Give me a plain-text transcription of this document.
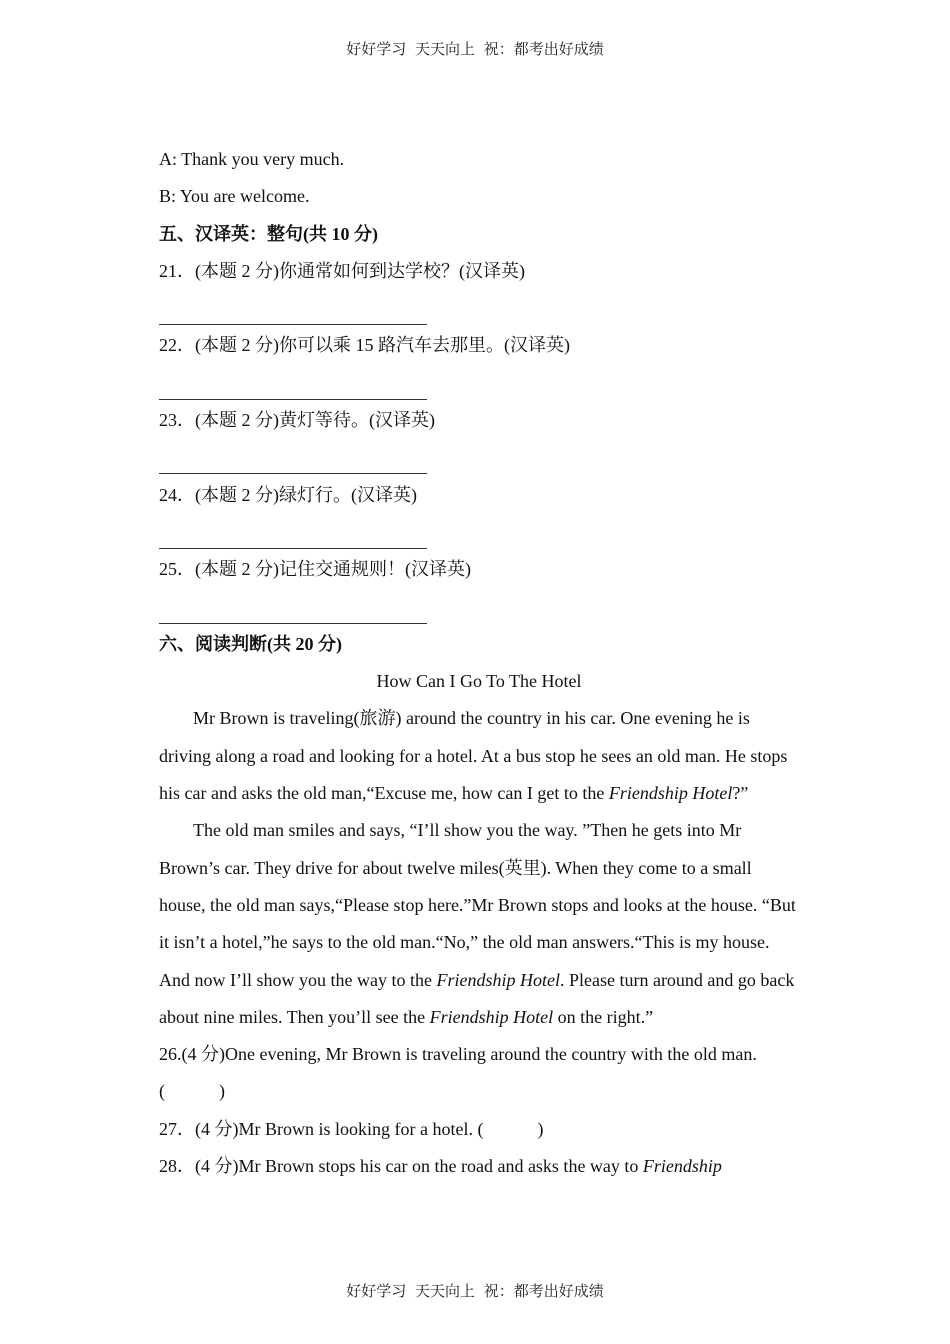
好好学习 天天向上 祝：都考出好成绩
A: Thank you very much.
B: You are welcome.
五、汉译英：整句(共 10 分)
21．(本题 2 分)你通常如何到达学校？(汉译英)
22．(本题 2 分)你可以乘 15 路汽车去那里。(汉译英)
23．(本题 2 分)黄灯等待。(汉译英)
24．(本题 2 分)绿灯行。(汉译英)
25．(本题 2 分)记住交通规则！(汉译英)
六、阅读判断(共 20 分)
How Can I Go To The Hotel
Mr Brown is traveling(旅游) around the country in his car. One evening he is driving along a road and looking for a hotel. At a bus stop he sees an old man. He stops his car and asks the old man,“Excuse me, how can I get to the Friendship Hotel?”
The old man smiles and says, “I’ll show you the way. ”Then he gets into Mr Brown’s car. They drive for about twelve miles(英里). When they come to a small house, the old man says,“Please stop here.”Mr Brown stops and looks at the house. “But it isn’t a hotel,”he says to the old man.“No,” the old man answers.“This is my house. And now I’ll show you the way to the Friendship Hotel. Please turn around and go back about nine miles. Then you’ll see the Friendship Hotel on the right.”
26.(4 分)One evening, Mr Brown is traveling around the country with the old man.
(　　　)
27．(4 分)Mr Brown is looking for a hotel. (　　　)
28．(4 分)Mr Brown stops his car on the road and asks the way to Friendship
好好学习 天天向上 祝：都考出好成绩
